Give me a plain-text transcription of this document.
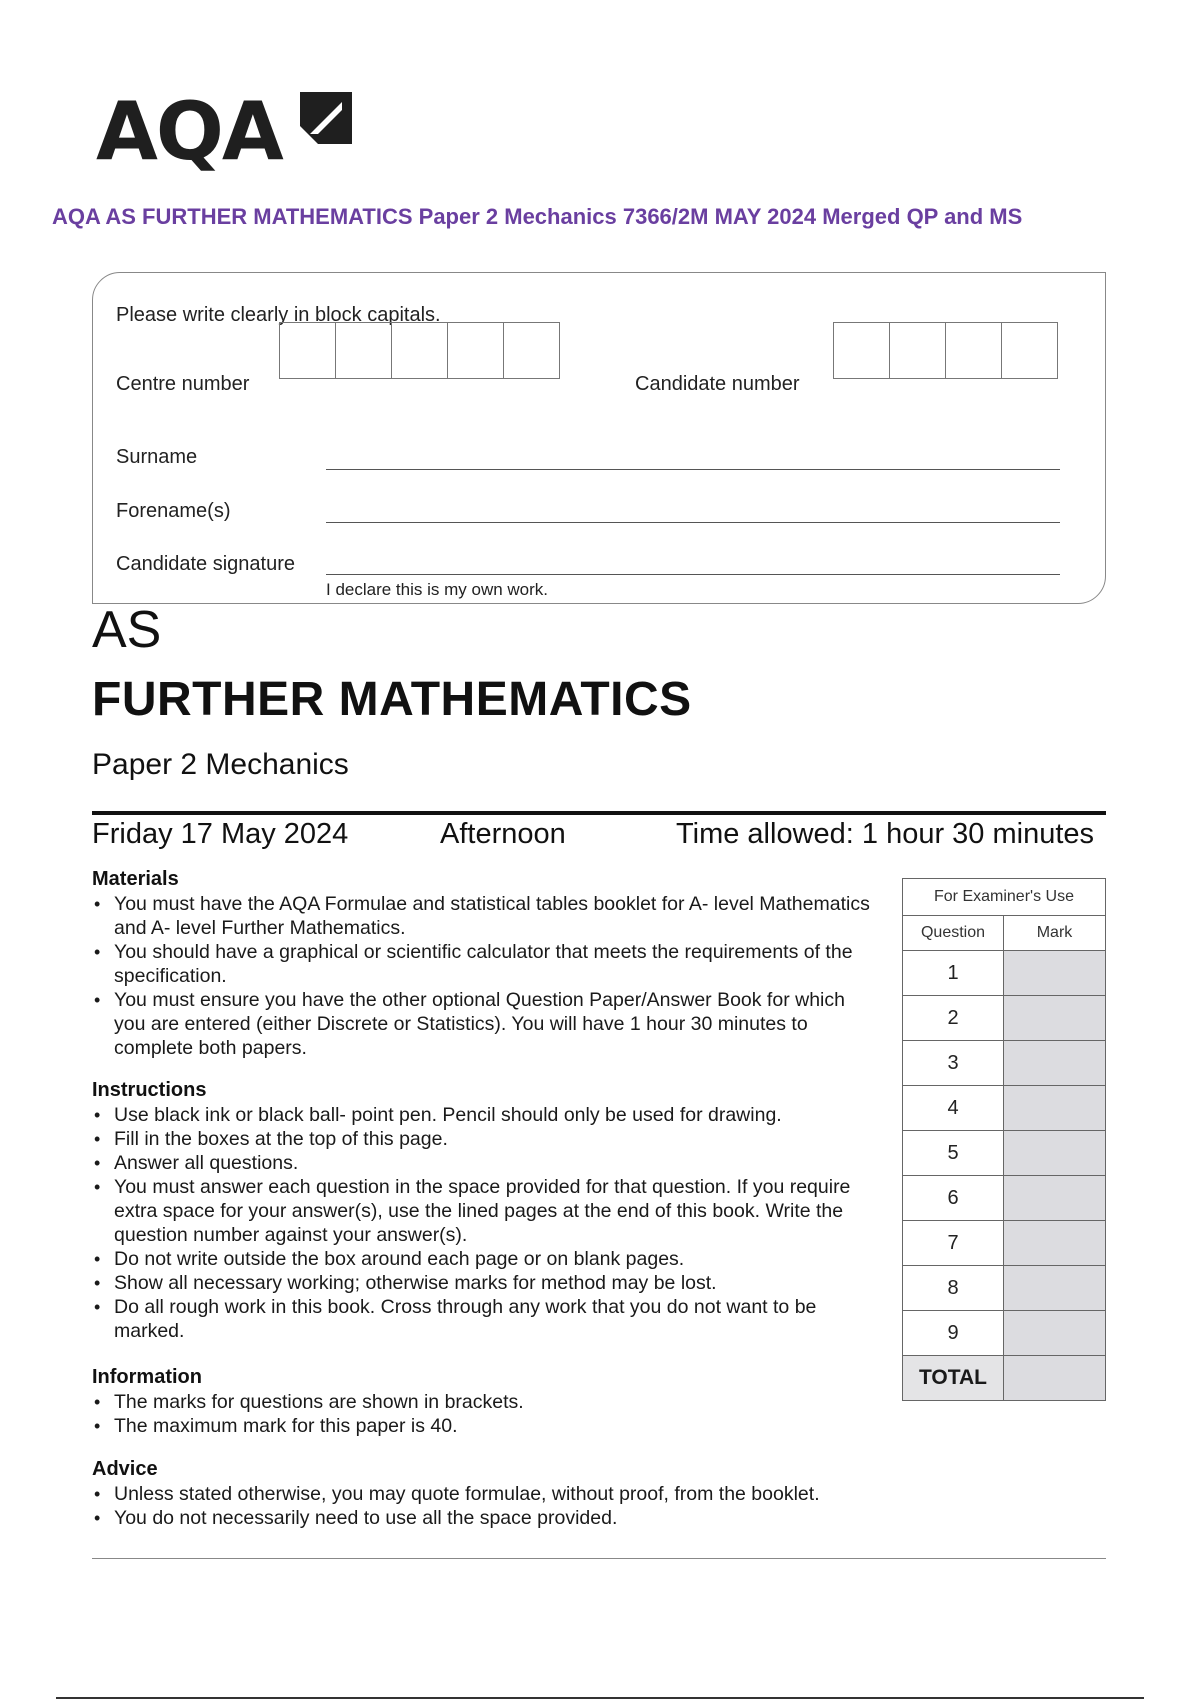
AQA
AQA AS FURTHER MATHEMATICS Paper 2 Mechanics 7366/2M MAY 2024 Merged QP and MS
Please write clearly in block capitals.
Centre number	Candidate number
Surname
Forename(s)
Candidate signature
I declare this is my own work.
AS
FURTHER MATHEMATICS
Paper 2 Mechanics
Friday 17 May 2024	Afternoon	Time allowed: 1 hour 30 minutes
Materials
• You must have the AQA Formulae and statistical tables booklet for A- level Mathematics and A- level Further Mathematics.
• You should have a graphical or scientific calculator that meets the requirements of the specification.
• You must ensure you have the other optional Question Paper/Answer Book for which you are entered (either Discrete or Statistics). You will have 1 hour 30 minutes to complete both papers.
Instructions
• Use black ink or black ball- point pen. Pencil should only be used for drawing.
• Fill in the boxes at the top of this page.
• Answer all questions.
• You must answer each question in the space provided for that question. If you require extra space for your answer(s), use the lined pages at the end of this book. Write the question number against your answer(s).
• Do not write outside the box around each page or on blank pages.
• Show all necessary working; otherwise marks for method may be lost.
• Do all rough work in this book. Cross through any work that you do not want to be marked.
Information
• The marks for questions are shown in brackets.
• The maximum mark for this paper is 40.
Advice
• Unless stated otherwise, you may quote formulae, without proof, from the booklet.
• You do not necessarily need to use all the space provided.
For Examiner's Use	
Question	Mark
1	
2	
3	
4	
5	
6	
7	
8	
9	
TOTAL	
